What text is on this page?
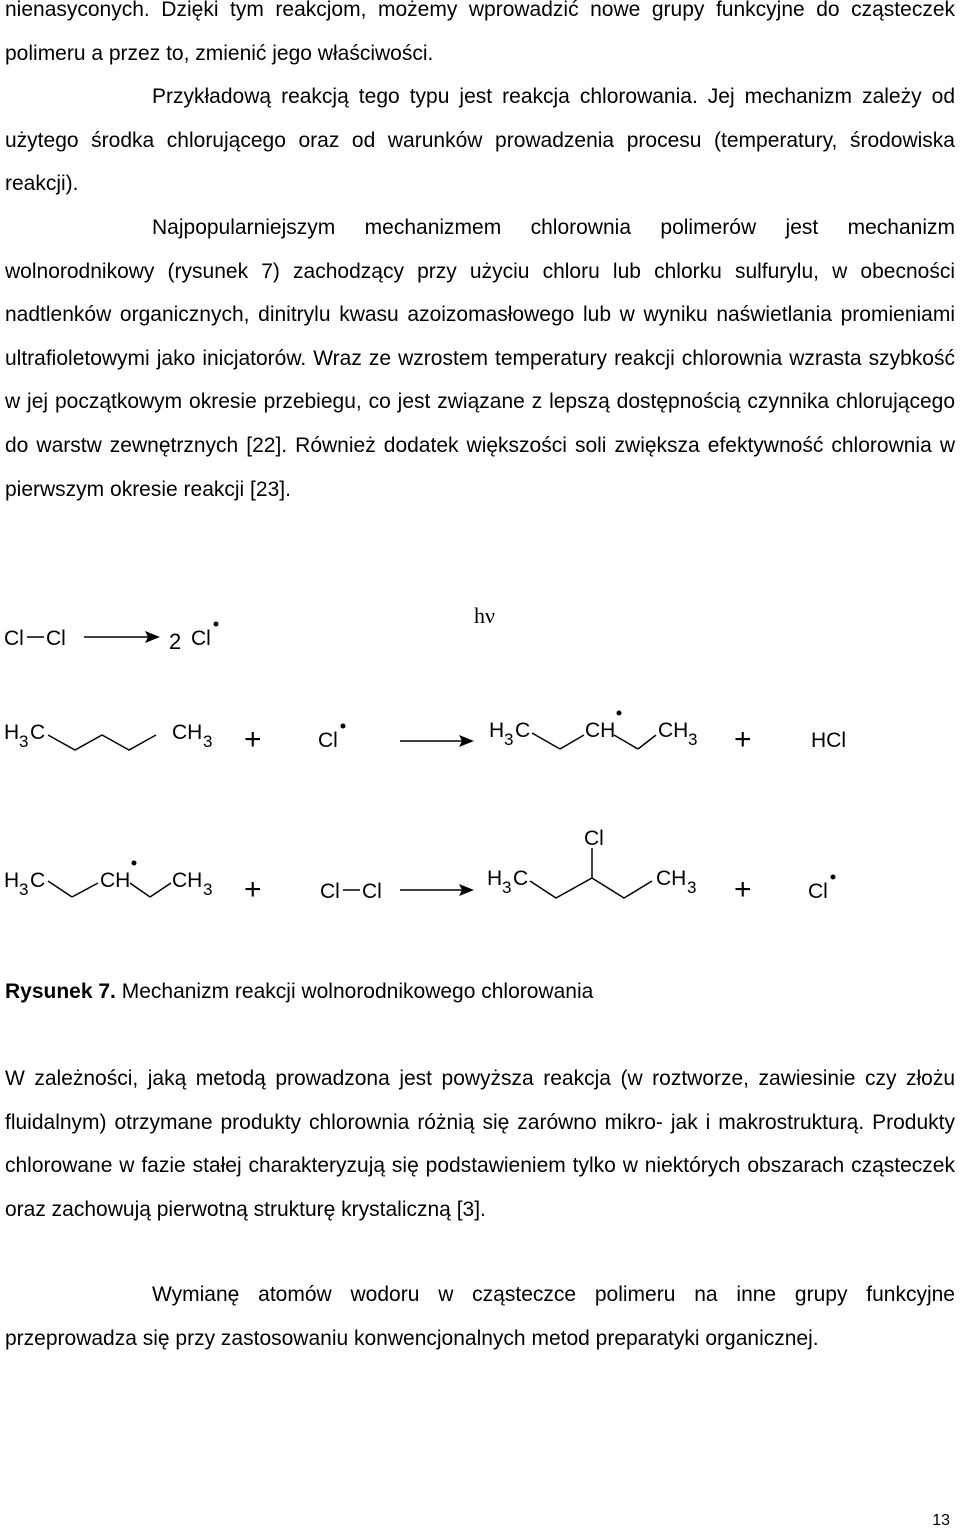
nienasyconych. Dzięki tym reakcjom, możemy wprowadzić nowe grupy funkcyjne do cząsteczek polimeru a przez to, zmienić jego właściwości.

Przykładową reakcją tego typu jest reakcja chlorowania. Jej mechanizm zależy od użytego środka chlorującego oraz od warunków prowadzenia procesu (temperatury, środowiska reakcji).

Najpopularniejszym mechanizmem chlorownia polimerów jest mechanizm wolnorodnikowy (rysunek 7) zachodzący przy użyciu chloru lub chlorku sulfurylu, w obecności nadtlenków organicznych, dinitrylu kwasu azoizomasłowego lub w wyniku naświetlania promieniami ultrafioletowymi jako inicjatorów. Wraz ze wzrostem temperatury reakcji chlorownia wzrasta szybkość w jej początkowym okresie przebiegu, co jest związane z lepszą dostępnością czynnika chlorującego do warstw zewnętrznych [22]. Również dodatek większości soli zwiększa efektywność chlorownia w pierwszym okresie reakcji [23].

Cl Cl	2 Cl
hν
H 3 C	CH 3 +	Cl	H 3 C	CH CH 3 +	HCl
H 3 C	CH CH 3 +	Cl Cl
H 3 C
Cl
CH 3 +	Cl

Rysunek 7. Mechanizm reakcji wolnorodnikowego chlorowania

W zależności, jaką metodą prowadzona jest powyższa reakcja (w roztworze, zawiesinie czy złożu fluidalnym) otrzymane produkty chlorownia różnią się zarówno mikro- jak i makrostrukturą. Produkty chlorowane w fazie stałej charakteryzują się podstawieniem tylko w niektórych obszarach cząsteczek oraz zachowują pierwotną strukturę krystaliczną [3].

Wymianę atomów wodoru w cząsteczce polimeru na inne grupy funkcyjne przeprowadza się przy zastosowaniu konwencjonalnych metod preparatyki organicznej.

13
